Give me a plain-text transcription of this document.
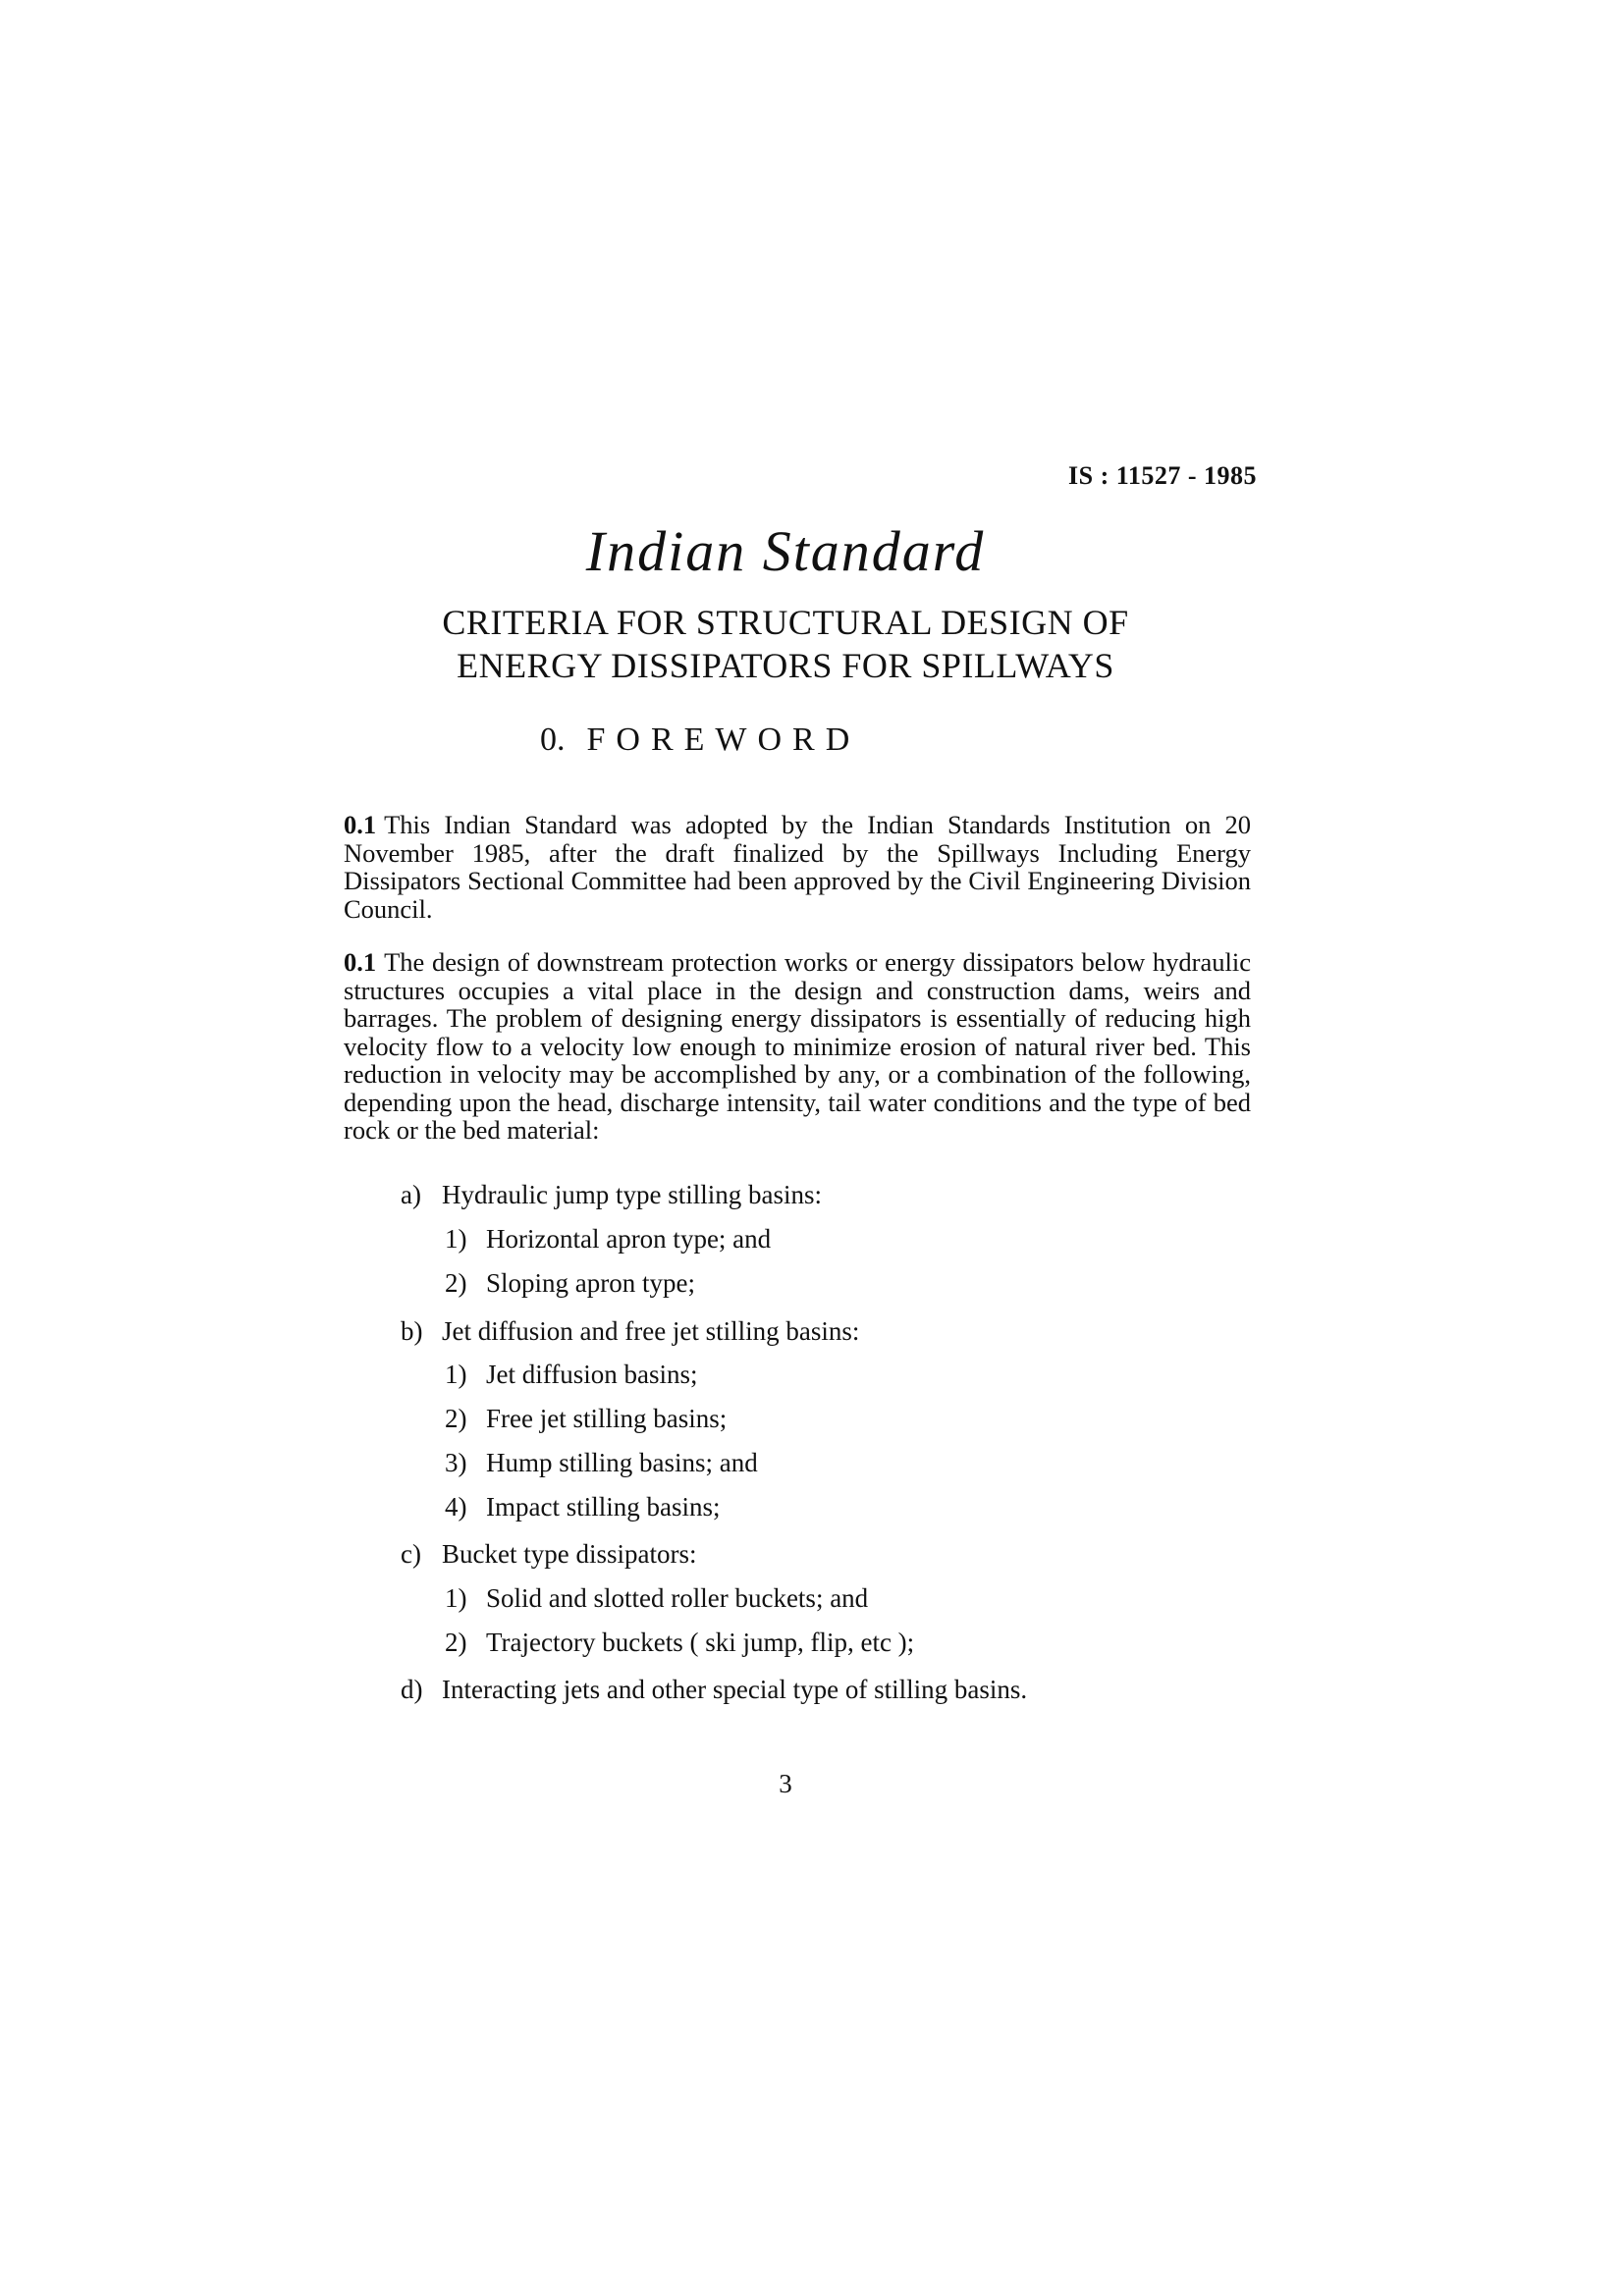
IS : 11527 - 1985
Indian Standard
CRITERIA FOR STRUCTURAL DESIGN OF
ENERGY DISSIPATORS FOR SPILLWAYS
0. FOREWORD
0.1 This Indian Standard was adopted by the Indian Standards Institution on 20 November 1985, after the draft finalized by the Spillways Including Energy Dissipators Sectional Committee had been approved by the Civil Engineering Division Council.
0.1 The design of downstream protection works or energy dissipators below hydraulic structures occupies a vital place in the design and construction dams, weirs and barrages. The problem of designing energy dissipators is essentially of reducing high velocity flow to a velocity low enough to minimize erosion of natural river bed. This reduction in velocity may be accomplished by any, or a combination of the following, depending upon the head, discharge intensity, tail water conditions and the type of bed rock or the bed material:
a) Hydraulic jump type stilling basins:
1) Horizontal apron type; and
2) Sloping apron type;
b) Jet diffusion and free jet stilling basins:
1) Jet diffusion basins;
2) Free jet stilling basins;
3) Hump stilling basins; and
4) Impact stilling basins;
c) Bucket type dissipators:
1) Solid and slotted roller buckets; and
2) Trajectory buckets ( ski jump, flip, etc );
d) Interacting jets and other special type of stilling basins.
3
